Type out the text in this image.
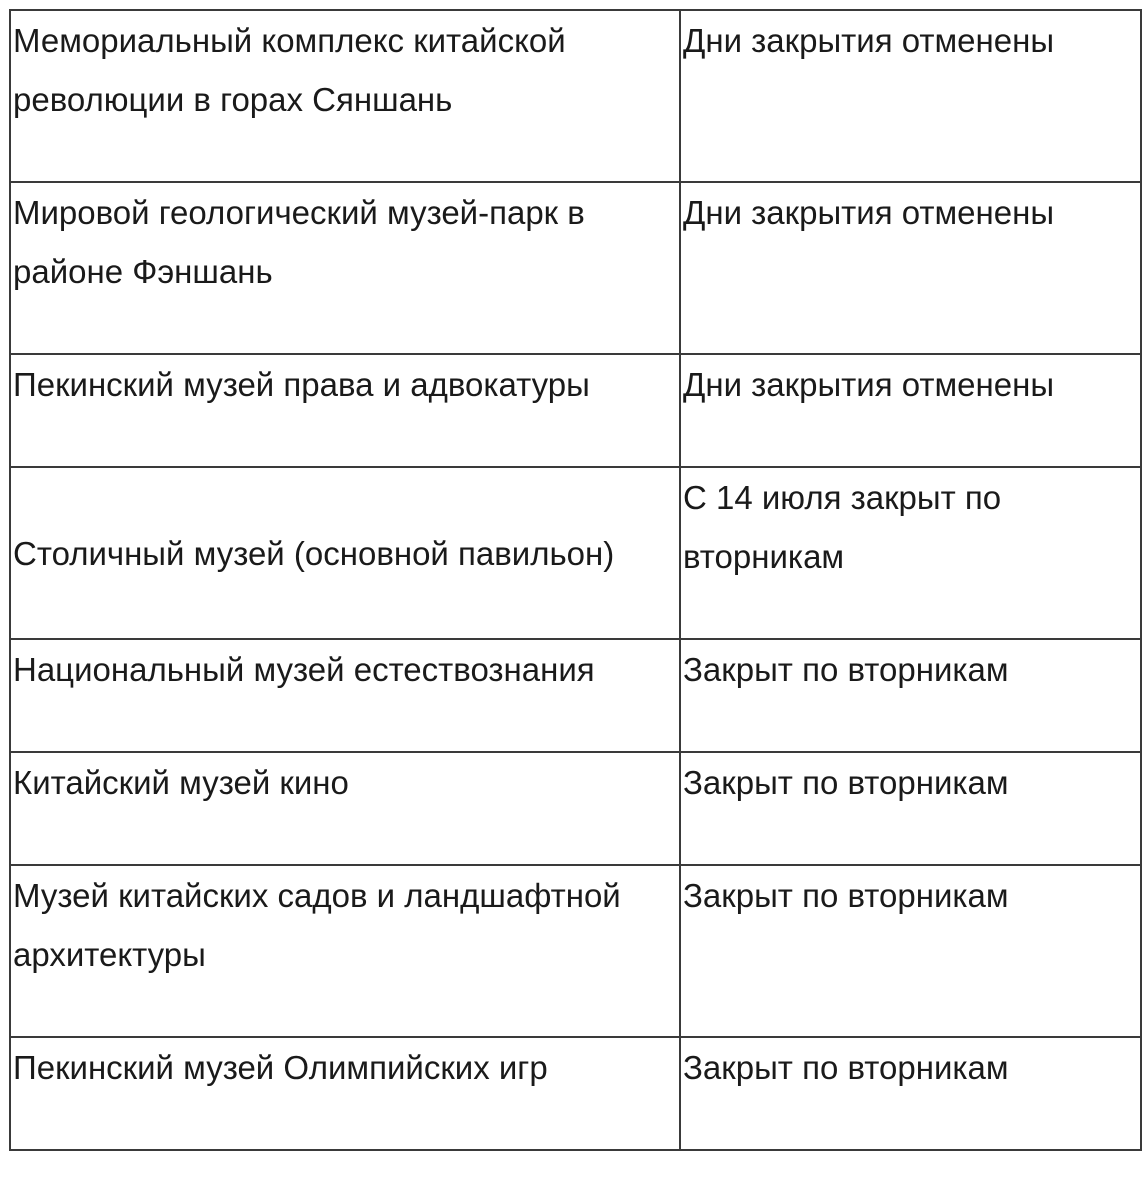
Мемориальный комплекс китайской революции в горах Сяншань	Дни закрытия отменены

Мировой геологический музей-парк в районе Фэншань	Дни закрытия отменены

Пекинский музей права и адвокатуры	Дни закрытия отменены

Столичный музей (основной павильон)	С 14 июля закрыт по вторникам

Национальный музей естествознания	Закрыт по вторникам

Китайский музей кино	Закрыт по вторникам

Музей китайских садов и ландшафтной архитектуры	Закрыт по вторникам

Пекинский музей Олимпийских игр	Закрыт по вторникам
